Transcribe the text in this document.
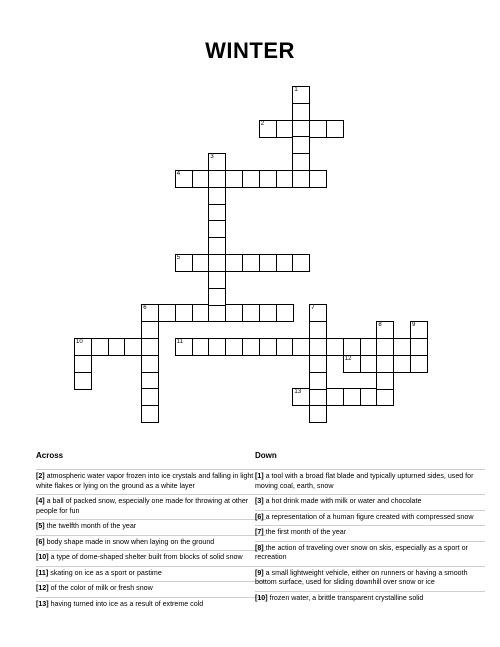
WINTER
1
2
3
4
5
6	7
8	9
10	11
12
13
Across
[2] atmospheric water vapor frozen into ice crystals and falling in light white flakes or lying on the ground as a white layer
[4] a ball of packed snow, especially one made for throwing at other people for fun
[5] the twelfth month of the year
[6] body shape made in snow when laying on the ground
[10] a type of dome-shaped shelter built from blocks of solid snow
[11] skating on ice as a sport or pastime
[12] of the color of milk or fresh snow
[13] having turned into ice as a result of extreme cold
Down
[1] a tool with a broad flat blade and typically upturned sides, used for moving coal, earth, snow
[3] a hot drink made with milk or water and chocolate
[6] a representation of a human figure created with compressed snow
[7] the first month of the year
[8] the action of traveling over snow on skis, especially as a sport or recreation
[9] a small lightweight vehicle, either on runners or having a smooth bottom surface, used for sliding downhill over snow or ice
[10] frozen water, a brittle transparent crystalline solid
